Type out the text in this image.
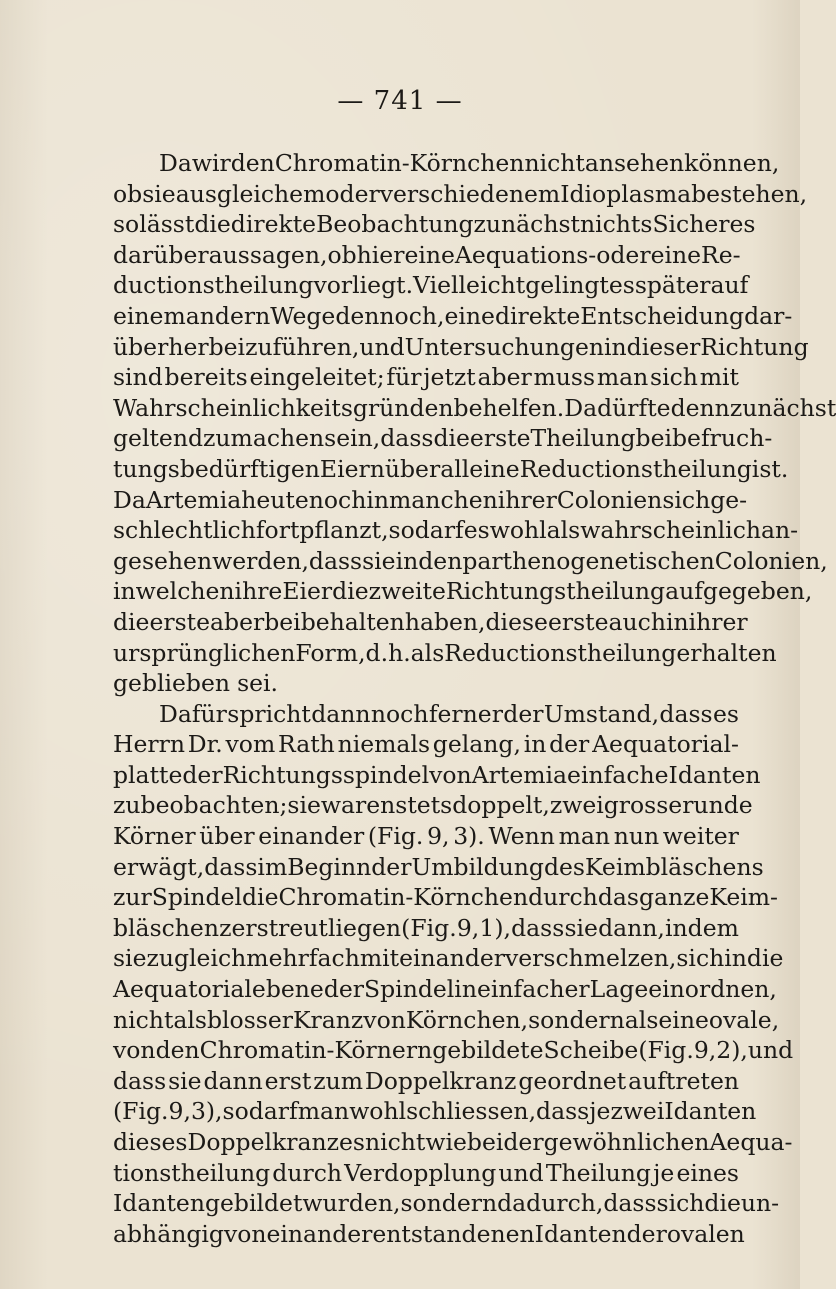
— 741 —
Da wir den Chromatin-Körnchen nicht ansehen können,
ob sie aus gleichem oder verschiedenem Idioplasma bestehen,
so lässt die direkte Beobachtung zunächst nichts Sicheres
darüber aussagen, ob hier eine Aequations- oder eine Re-
ductionstheilung vorliegt. Vielleicht gelingt es später auf
einem andern Wege dennoch, eine direkte Entscheidung dar-
über herbeizuführen, und Untersuchungen in dieser Richtung
sind bereits eingeleitet; für jetzt aber muss man sich mit
Wahrscheinlichkeitsgründen behelfen. Da dürfte denn zunächst
geltend zu machen sein, dass die erste Theilung bei befruch-
tungsbedürftigen Eiern überall eine Reductionstheilung ist.
Da Artemia heute noch in manchen ihrer Colonien sich ge-
schlechtlich fortpflanzt, so darf es wohl als wahrscheinlich an-
gesehen werden, dass sie in den parthenogenetischen Colonien,
in welchen ihre Eier die zweite Richtungstheilung aufgegeben,
die erste aber beibehalten haben, diese erste auch in ihrer
ursprünglichen Form, d. h. als Reductionstheilung erhalten
geblieben sei.
Dafür spricht dann noch ferner der Umstand, dass es
Herrn Dr. vom Rath niemals gelang, in der Aequatorial-
platte der Richtungsspindel von Artemia einfache Idanten
zu beobachten; sie waren stets doppelt, zwei grosse runde
Körner über einander (Fig. 9, 3). Wenn man nun weiter
erwägt, dass im Beginn der Umbildung des Keimbläschens
zur Spindel die Chromatin-Körnchen durch das ganze Keim-
bläschen zerstreut liegen (Fig. 9, 1), dass sie dann, indem
sie zugleich mehrfach mit einander verschmelzen, sich in die
Aequatorialebene der Spindel in einfacher Lage einordnen,
nicht als blosser Kranz von Körnchen, sondern als eine ovale,
von den Chromatin-Körnern gebildete Scheibe (Fig. 9, 2), und
dass sie dann erst zum Doppelkranz geordnet auftreten
(Fig. 9, 3), so darf man wohl schliessen, dass je zwei Idanten
dieses Doppelkranzes nicht wie bei der gewöhnlichen Aequa-
tionstheilung durch Verdopplung und Theilung je eines
Idanten gebildet wurden, sondern dadurch, dass sich die un-
abhängig von einander entstandenen Idanten der ovalen
